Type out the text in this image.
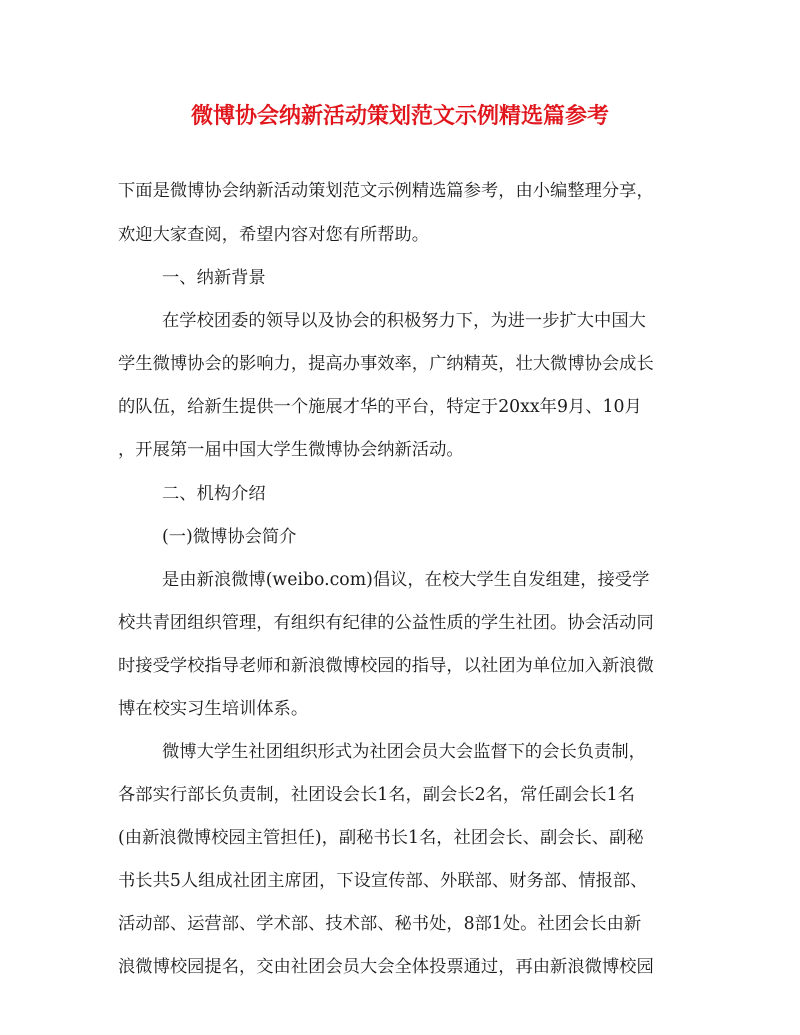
微博协会纳新活动策划范文示例精选篇参考
下面是微博协会纳新活动策划范文示例精选篇参考，由小编整理分享，
欢迎大家查阅，希望内容对您有所帮助。
一、纳新背景
在学校团委的领导以及协会的积极努力下，为进一步扩大中国大
学生微博协会的影响力，提高办事效率，广纳精英，壮大微博协会成长
的队伍，给新生提供一个施展才华的平台，特定于20xx年9月、10月
，开展第一届中国大学生微博协会纳新活动。
二、机构介绍
(一)微博协会简介
是由新浪微博(weibo.com)倡议，在校大学生自发组建，接受学
校共青团组织管理，有组织有纪律的公益性质的学生社团。协会活动同
时接受学校指导老师和新浪微博校园的指导，以社团为单位加入新浪微
博在校实习生培训体系。
微博大学生社团组织形式为社团会员大会监督下的会长负责制，
各部实行部长负责制，社团设会长1名，副会长2名，常任副会长1名
(由新浪微博校园主管担任)，副秘书长1名，社团会长、副会长、副秘
书长共5人组成社团主席团，下设宣传部、外联部、财务部、情报部、
活动部、运营部、学术部、技术部、秘书处，8部1处。社团会长由新
浪微博校园提名，交由社团会员大会全体投票通过，再由新浪微博校园
